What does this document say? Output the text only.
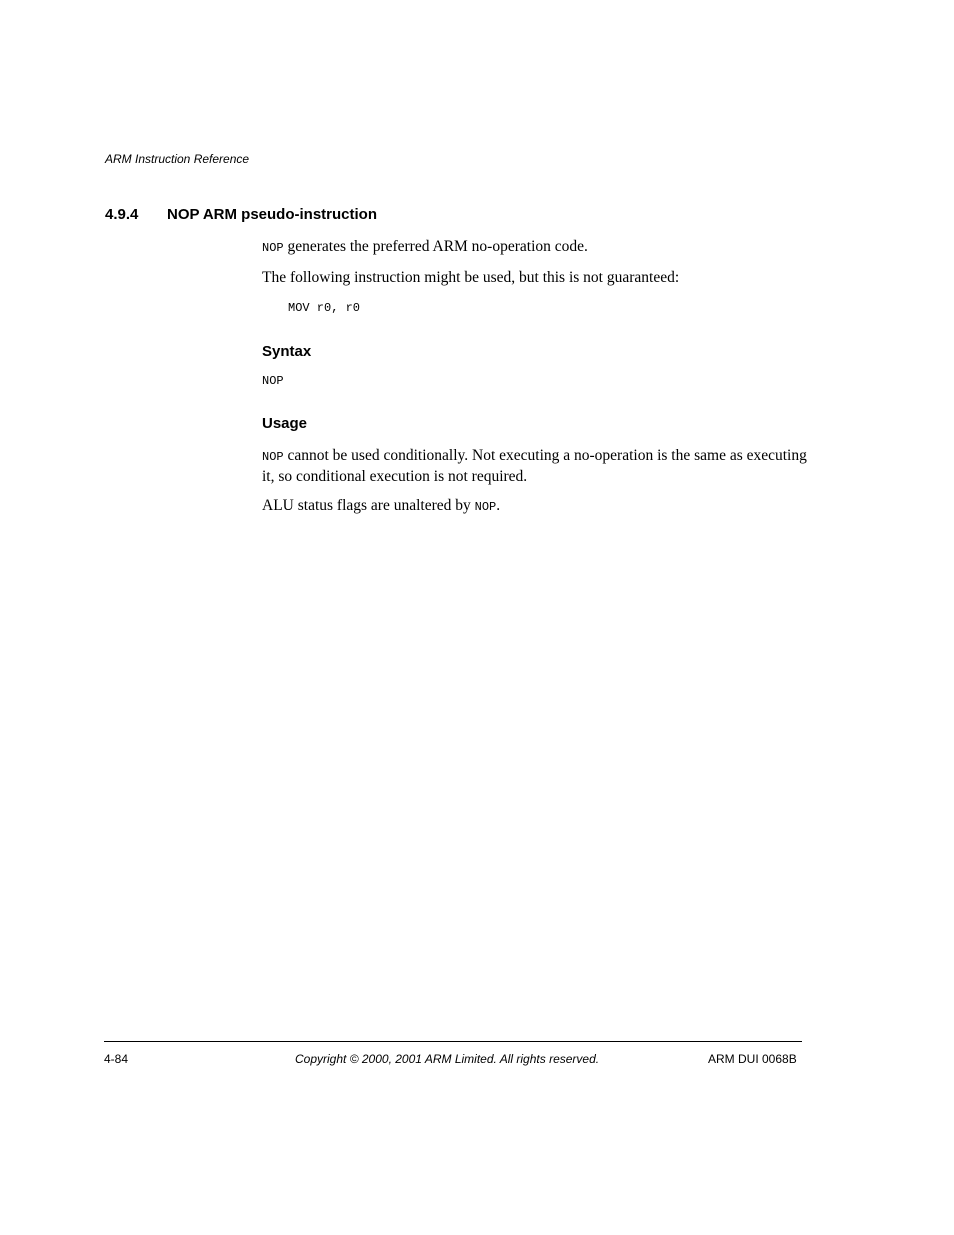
ARM Instruction Reference
4.9.4 NOP ARM pseudo-instruction
NOP generates the preferred ARM no-operation code.
The following instruction might be used, but this is not guaranteed:
MOV r0, r0
Syntax
NOP
Usage
NOP cannot be used conditionally. Not executing a no-operation is the same as executing it, so conditional execution is not required.
ALU status flags are unaltered by NOP.
4-84	Copyright © 2000, 2001 ARM Limited. All rights reserved.	ARM DUI 0068B
